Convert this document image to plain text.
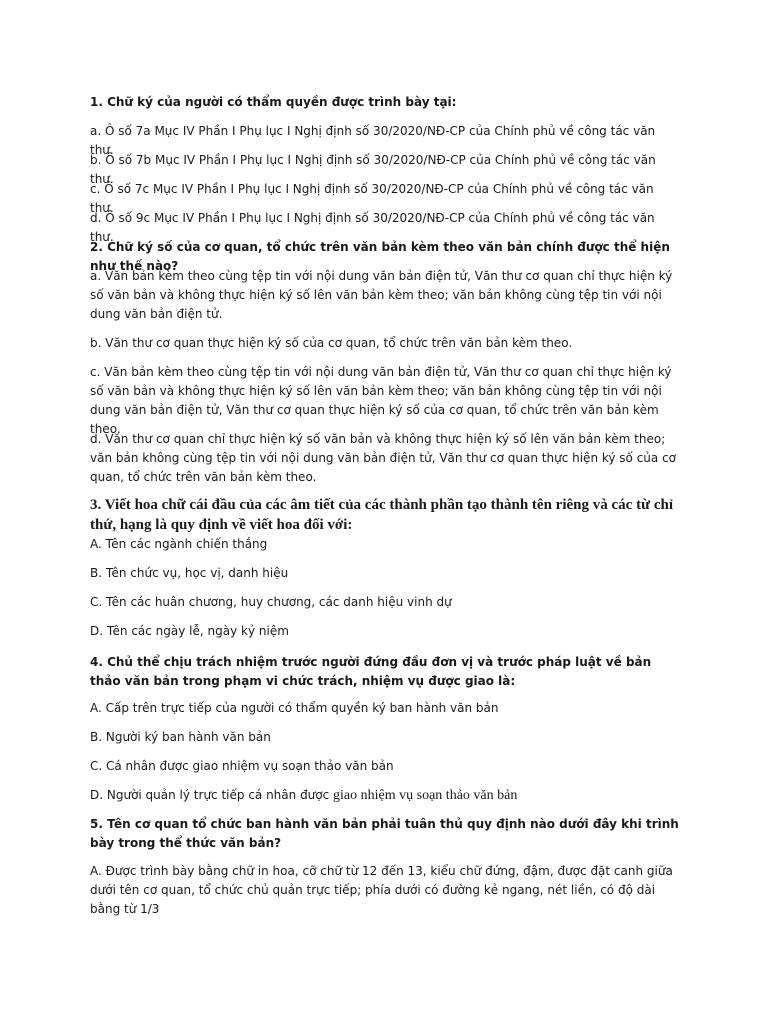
1. Chữ ký của người có thẩm quyền được trình bày tại:

a. Ô số 7a Mục IV Phần I Phụ lục I Nghị định số 30/2020/NĐ-CP của Chính phủ về công tác văn thư.

b. Ô số 7b Mục IV Phần I Phụ lục I Nghị định số 30/2020/NĐ-CP của Chính phủ về công tác văn thư.

c. Ô số 7c Mục IV Phần I Phụ lục I Nghị định số 30/2020/NĐ-CP của Chính phủ về công tác văn thư.

d. Ô số 9c Mục IV Phần I Phụ lục I Nghị định số 30/2020/NĐ-CP của Chính phủ về công tác văn thư.

2. Chữ ký số của cơ quan, tổ chức trên văn bản kèm theo văn bản chính được thể hiện như thế nào?

a. Văn bản kèm theo cùng tệp tin với nội dung văn bản điện tử, Văn thư cơ quan chỉ thực hiện ký số văn bản và không thực hiện ký số lên văn bản kèm theo; văn bản không cùng tệp tin với nội dung văn bản điện tử.

b. Văn thư cơ quan thực hiện ký số của cơ quan, tổ chức trên văn bản kèm theo.

c. Văn bản kèm theo cùng tệp tin với nội dung văn bản điện tử, Văn thư cơ quan chỉ thực hiện ký số văn bản và không thực hiện ký số lên văn bản kèm theo; văn bản không cùng tệp tin với nội dung văn bản điện tử, Văn thư cơ quan thực hiện ký số của cơ quan, tổ chức trên văn bản kèm theo.

d. Văn thư cơ quan chỉ thực hiện ký số văn bản và không thực hiện ký số lên văn bản kèm theo; văn bản không cùng tệp tin với nội dung văn bản điện tử, Văn thư cơ quan thực hiện ký số của cơ quan, tổ chức trên văn bản kèm theo.

3. Viết hoa chữ cái đầu của các âm tiết của các thành phần tạo thành tên riêng và các từ chỉ thứ, hạng là quy định về viết hoa đối với:

A. Tên các ngành chiến thắng

B. Tên chức vụ, học vị, danh hiệu

C. Tên các huân chương, huy chương, các danh hiệu vinh dự

D. Tên các ngày lễ, ngày kỷ niệm

4. Chủ thể chịu trách nhiệm trước người đứng đầu đơn vị và trước pháp luật về bản thảo văn bản trong phạm vi chức trách, nhiệm vụ được giao là:

A. Cấp trên trực tiếp của người có thẩm quyền ký ban hành văn bản

B. Người ký ban hành văn bản

C. Cá nhân được giao nhiệm vụ soạn thảo văn bản

D. Người quản lý trực tiếp cá nhân được giao nhiệm vụ soạn thảo văn bản

5. Tên cơ quan tổ chức ban hành văn bản phải tuân thủ quy định nào dưới đây khi trình bày trong thể thức văn bản?

A. Được trình bày bằng chữ in hoa, cỡ chữ từ 12 đến 13, kiểu chữ đứng, đậm, được đặt canh giữa dưới tên cơ quan, tổ chức chủ quản trực tiếp; phía dưới có đường kẻ ngang, nét liền, có độ dài bằng từ 1/3
